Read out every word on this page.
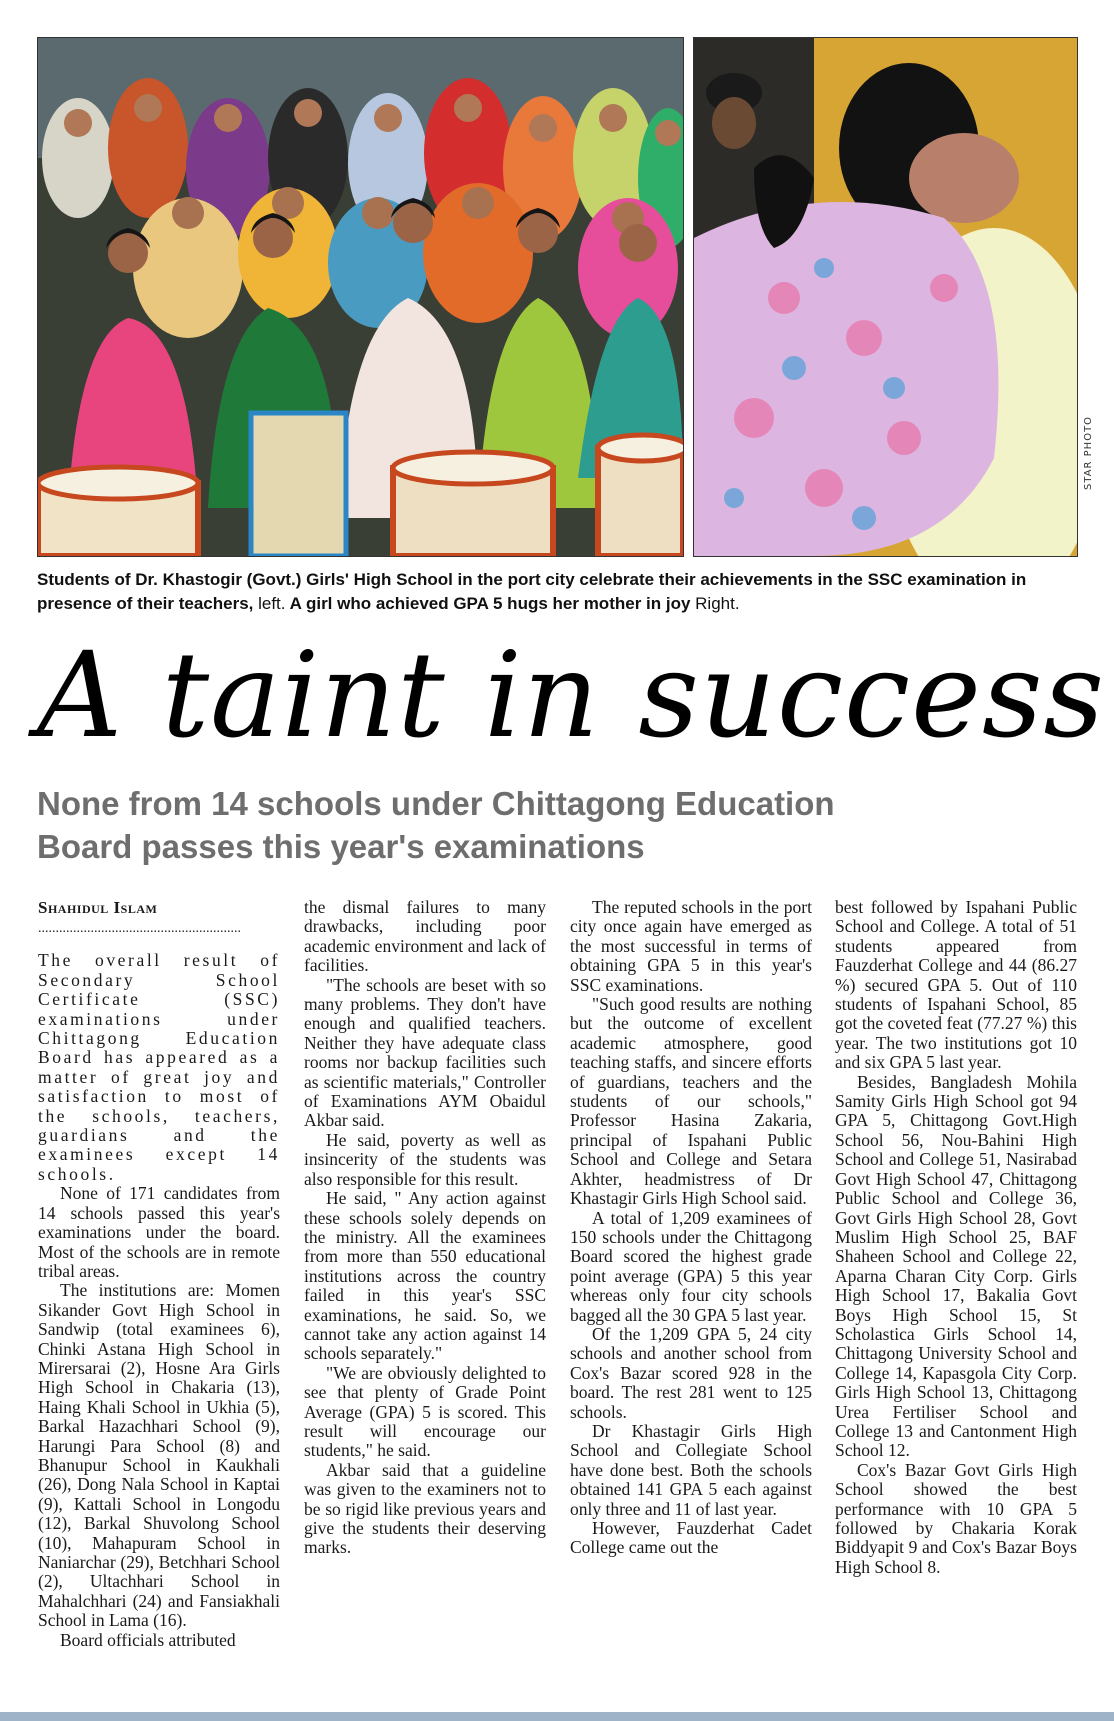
STAR PHOTO
Students of Dr. Khastogir (Govt.) Girls' High School in the port city celebrate their achievements in the SSC examination in presence of their teachers, left. A girl who achieved GPA 5 hugs her mother in joy Right.
A taint in success
None from 14 schools under Chittagong Education Board passes this year's examinations
Shahidul Islam
..........................................................

The overall result of Secondary School Certificate (SSC) examinations under Chittagong Education Board has appeared as a matter of great joy and satisfaction to most of the schools, teachers, guardians and the examinees except 14 schools.

None of 171 candidates from 14 schools passed this year's examinations under the board. Most of the schools are in remote tribal areas.

The institutions are: Momen Sikander Govt High School in Sandwip (total examinees 6), Chinki Astana High School in Mirersarai (2), Hosne Ara Girls High School in Chakaria (13), Haing Khali School in Ukhia (5), Barkal Hazachhari School (9), Harungi Para School (8) and Bhanupur School in Kaukhali (26), Dong Nala School in Kaptai (9), Kattali School in Longodu (12), Barkal Shuvolong School (10), Mahapuram School in Naniarchar (29), Betchhari School (2), Ultachhari School in Mahalchhari (24) and Fansiakhali School in Lama (16).

Board officials attributed

the dismal failures to many drawbacks, including poor academic environment and lack of facilities.

"The schools are beset with so many problems. They don't have enough and qualified teachers. Neither they have adequate class rooms nor backup facilities such as scientific materials," Controller of Examinations AYM Obaidul Akbar said.

He said, poverty as well as insincerity of the students was also responsible for this result.

He said, " Any action against these schools solely depends on the ministry. All the examinees from more than 550 educational institutions across the country failed in this year's SSC examinations, he said. So, we cannot take any action against 14 schools separately."

"We are obviously delighted to see that plenty of Grade Point Average (GPA) 5 is scored. This result will encourage our students," he said.

Akbar said that a guideline was given to the examiners not to be so rigid like previous years and give the students their deserving marks.

The reputed schools in the port city once again have emerged as the most successful in terms of obtaining GPA 5 in this year's SSC examinations.

"Such good results are nothing but the outcome of excellent academic atmosphere, good teaching staffs, and sincere efforts of guardians, teachers and the students of our schools," Professor Hasina Zakaria, principal of Ispahani Public School and College and Setara Akhter, headmistress of Dr Khastagir Girls High School said.

A total of 1,209 examinees of 150 schools under the Chittagong Board scored the highest grade point average (GPA) 5 this year whereas only four city schools bagged all the 30 GPA 5 last year.

Of the 1,209 GPA 5, 24 city schools and another school from Cox's Bazar scored 928 in the board. The rest 281 went to 125 schools.

Dr Khastagir Girls High School and Collegiate School have done best. Both the schools obtained 141 GPA 5 each against only three and 11 of last year.

However, Fauzderhat Cadet College came out the

best followed by Ispahani Public School and College. A total of 51 students appeared from Fauzderhat College and 44 (86.27 %) secured GPA 5. Out of 110 students of Ispahani School, 85 got the coveted feat (77.27 %) this year. The two institutions got 10 and six GPA 5 last year.

Besides, Bangladesh Mohila Samity Girls High School got 94 GPA 5, Chittagong Govt.High School 56, Nou-Bahini High School and College 51, Nasirabad Govt High School 47, Chittagong Public School and College 36, Govt Girls High School 28, Govt Muslim High School 25, BAF Shaheen School and College 22, Aparna Charan City Corp. Girls High School 17, Bakalia Govt Boys High School 15, St Scholastica Girls School 14, Chittagong University School and College 14, Kapasgola City Corp. Girls High School 13, Chittagong Urea Fertiliser School and College 13 and Cantonment High School 12.

Cox's Bazar Govt Girls High School showed the best performance with 10 GPA 5 followed by Chakaria Korak Biddyapit 9 and Cox's Bazar Boys High School 8.
